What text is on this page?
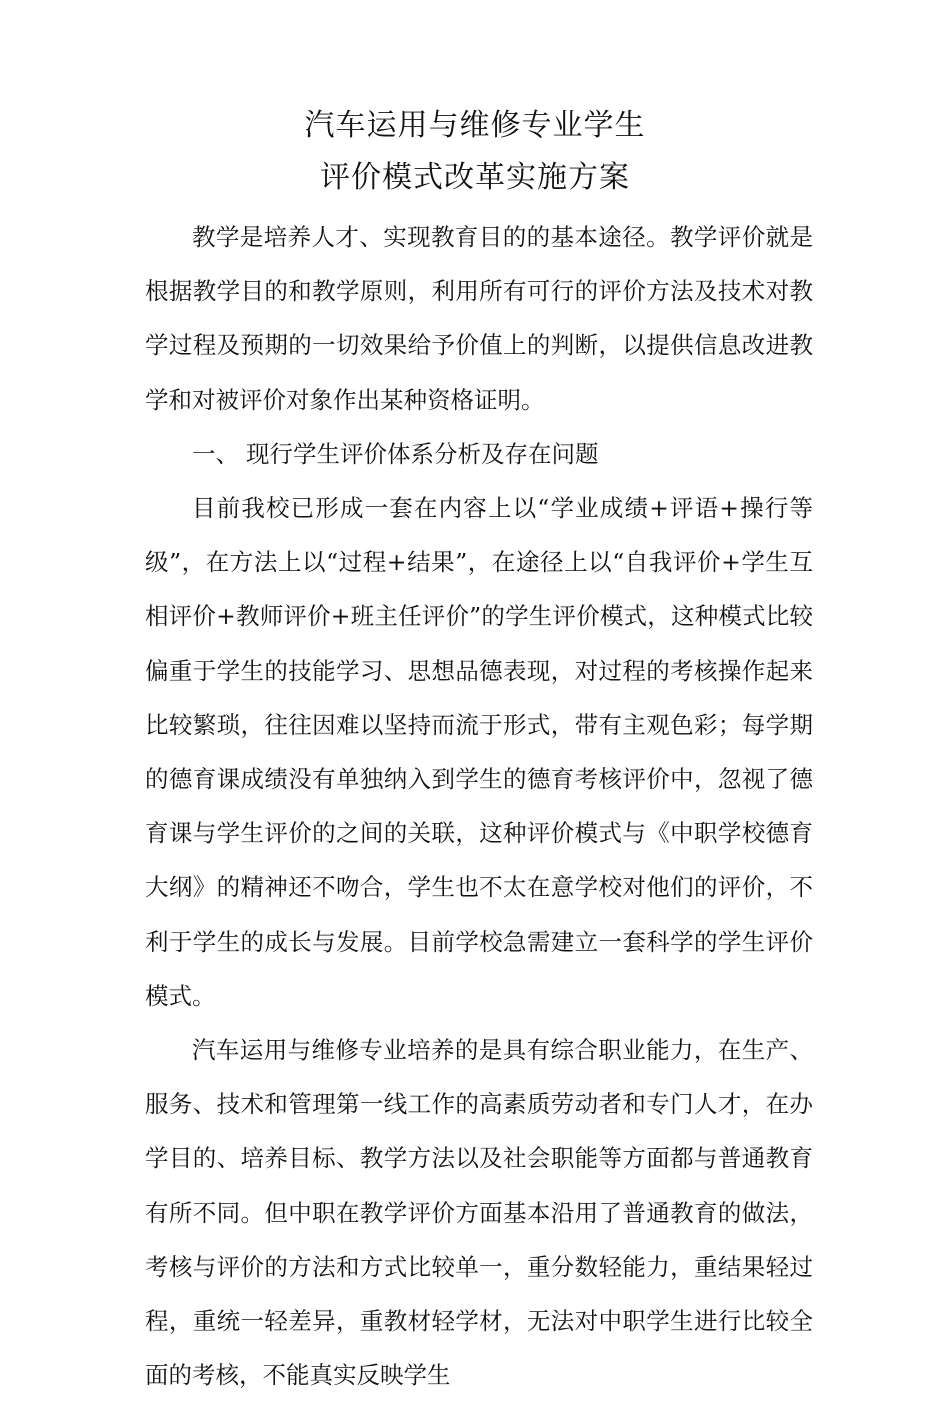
汽车运用与维修专业学生
评价模式改革实施方案

教学是培养人才、实现教育目的的基本途径。教学评价就是根据教学目的和教学原则，利用所有可行的评价方法及技术对教学过程及预期的一切效果给予价值上的判断，以提供信息改进教学和对被评价对象作出某种资格证明。

一、 现行学生评价体系分析及存在问题

目前我校已形成一套在内容上以“学业成绩+评语+操行等级”，在方法上以“过程+结果”，在途径上以“自我评价+学生互相评价+教师评价+班主任评价”的学生评价模式，这种模式比较偏重于学生的技能学习、思想品德表现，对过程的考核操作起来比较繁琐，往往因难以坚持而流于形式，带有主观色彩；每学期的德育课成绩没有单独纳入到学生的德育考核评价中，忽视了德育课与学生评价的之间的关联，这种评价模式与《中职学校德育大纲》的精神还不吻合，学生也不太在意学校对他们的评价，不利于学生的成长与发展。目前学校急需建立一套科学的学生评价模式。

汽车运用与维修专业培养的是具有综合职业能力，在生产、服务、技术和管理第一线工作的高素质劳动者和专门人才，在办学目的、培养目标、教学方法以及社会职能等方面都与普通教育有所不同。但中职在教学评价方面基本沿用了普通教育的做法，考核与评价的方法和方式比较单一，重分数轻能力，重结果轻过程，重统一轻差异，重教材轻学材，无法对中职学生进行比较全面的考核，不能真实反映学生
